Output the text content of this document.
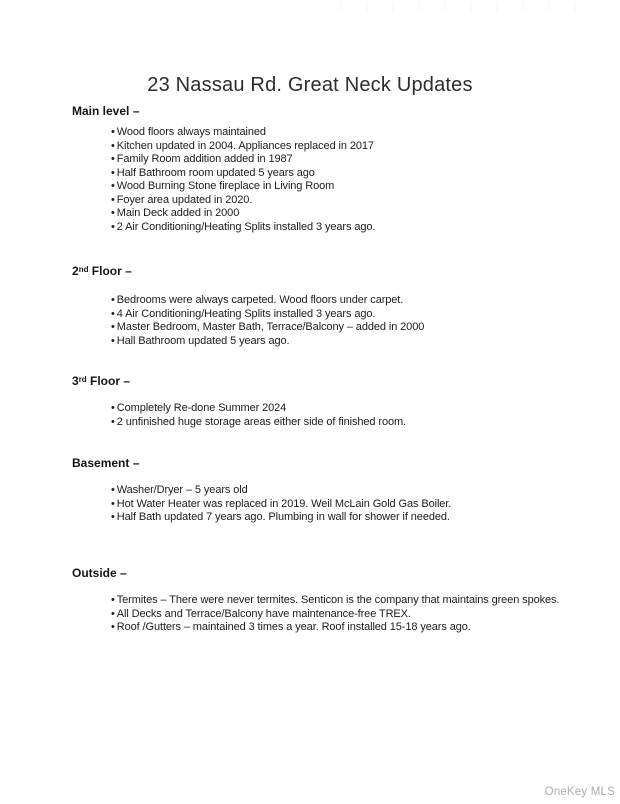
23 Nassau Rd. Great Neck Updates
Main level –
• Wood floors always maintained
• Kitchen updated in 2004. Appliances replaced in 2017
• Family Room addition added in 1987
• Half Bathroom room updated 5 years ago
• Wood Burning Stone fireplace in Living Room
• Foyer area updated in 2020.
• Main Deck added in 2000
• 2 Air Conditioning/Heating Splits installed 3 years ago.
2nd Floor –
• Bedrooms were always carpeted. Wood floors under carpet.
• 4 Air Conditioning/Heating Splits installed 3 years ago.
• Master Bedroom, Master Bath, Terrace/Balcony – added in 2000
• Hall Bathroom updated 5 years ago.
3rd Floor –
• Completely Re-done Summer 2024
• 2 unfinished huge storage areas either side of finished room.
Basement –
• Washer/Dryer – 5 years old
• Hot Water Heater was replaced in 2019. Weil McLain Gold Gas Boiler.
• Half Bath updated 7 years ago. Plumbing in wall for shower if needed.
Outside –
• Termites – There were never termites. Senticon is the company that maintains green spokes.
• All Decks and Terrace/Balcony have maintenance-free TREX.
• Roof /Gutters – maintained 3 times a year. Roof installed 15-18 years ago.
OneKey MLS
